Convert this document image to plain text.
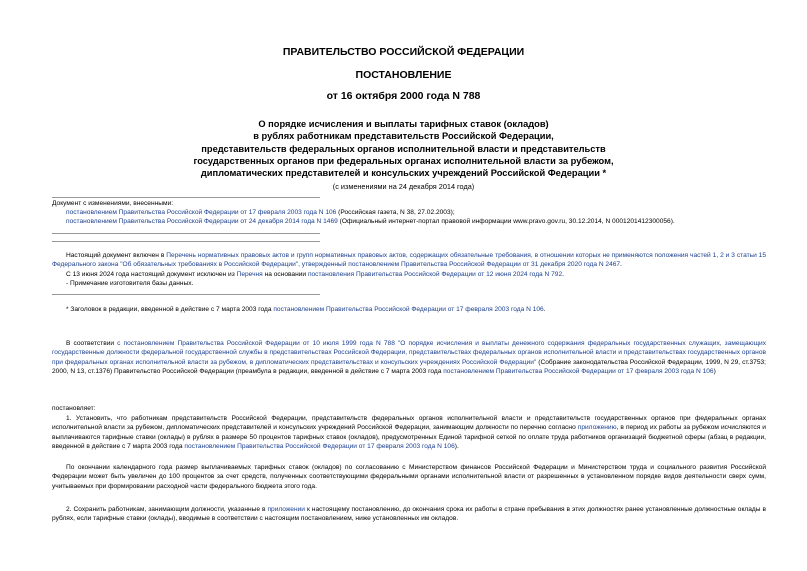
ПРАВИТЕЛЬСТВО РОССИЙСКОЙ ФЕДЕРАЦИИ
ПОСТАНОВЛЕНИЕ
от 16 октября 2000 года N 788
О порядке исчисления и выплаты тарифных ставок (окладов)
в рублях работникам представительств Российской Федерации,
представительств федеральных органов исполнительной власти и представительств
государственных органов при федеральных органах исполнительной власти за рубежом,
дипломатических представителей и консульских учреждений Российской Федерации *
(с изменениями на 24 декабря 2014 года)
Документ с изменениями, внесенными:
постановлением Правительства Российской Федерации от 17 февраля 2003 года N 106 (Российская газета, N 38, 27.02.2003);
постановлением Правительства Российской Федерации от 24 декабря 2014 года N 1469 (Официальный интернет-портал правовой информации www.pravo.gov.ru, 30.12.2014, N 0001201412300056).

Настоящий документ включен в Перечень нормативных правовых актов и групп нормативных правовых актов, содержащих обязательные требования, в отношении которых не применяются положения частей 1, 2 и 3 статьи 15 Федерального закона "Об обязательных требованиях в Российской Федерации", утвержденный постановлением Правительства Российской Федерации от 31 декабря 2020 года N 2467.

С 13 июня 2024 года настоящий документ исключен из Перечня на основании постановления Правительства Российской Федерации от 12 июня 2024 года N 792.

- Примечание изготовителя базы данных.

* Заголовок в редакции, введенной в действие с 7 марта 2003 года постановлением Правительства Российской Федерации от 17 февраля 2003 года N 106.

В соответствии с постановлением Правительства Российской Федерации от 10 июля 1999 года N 788 "О порядке исчисления и выплаты денежного содержания федеральных государственных служащих, замещающих государственные должности федеральной государственной службы в представительствах Российской Федерации, представительствах федеральных органов исполнительной власти и представительствах государственных органов при федеральных органах исполнительной власти за рубежом, в дипломатических представительствах и консульских учреждениях Российской Федерации" (Собрание законодательства Российской Федерации, 1999, N 29, ст.3753; 2000, N 13, ст.1376) Правительство Российской Федерации (преамбула в редакции, введенной в действие с 7 марта 2003 года постановлением Правительства Российской Федерации от 17 февраля 2003 года N 106)

постановляет:

1. Установить, что работникам представительств Российской Федерации, представительств федеральных органов исполнительной власти и представительств государственных органов при федеральных органах исполнительной власти за рубежом, дипломатических представителей и консульских учреждений Российской Федерации, занимающим должности по перечню согласно приложению, в период их работы за рубежом исчисляются и выплачиваются тарифные ставки (оклады) в рублях в размере 50 процентов тарифных ставок (окладов), предусмотренных Единой тарифной сеткой по оплате труда работников организаций бюджетной сферы (абзац в редакции, введенной в действие с 7 марта 2003 года постановлением Правительства Российской Федерации от 17 февраля 2003 года N 106).

По окончании календарного года размер выплачиваемых тарифных ставок (окладов) по согласованию с Министерством финансов Российской Федерации и Министерством труда и социального развития Российской Федерации может быть увеличен до 100 процентов за счет средств, полученных соответствующими федеральными органами исполнительной власти от разрешенных в установленном порядке видов деятельности сверх сумм, учитываемых при формировании расходной части федерального бюджета этого года.

2. Сохранить работникам, занимающим должности, указанные в приложении к настоящему постановлению, до окончания срока их работы в стране пребывания в этих должностях ранее установленные должностные оклады в рублях, если тарифные ставки (оклады), вводимые в соответствии с настоящим постановлением, ниже установленных им окладов.
